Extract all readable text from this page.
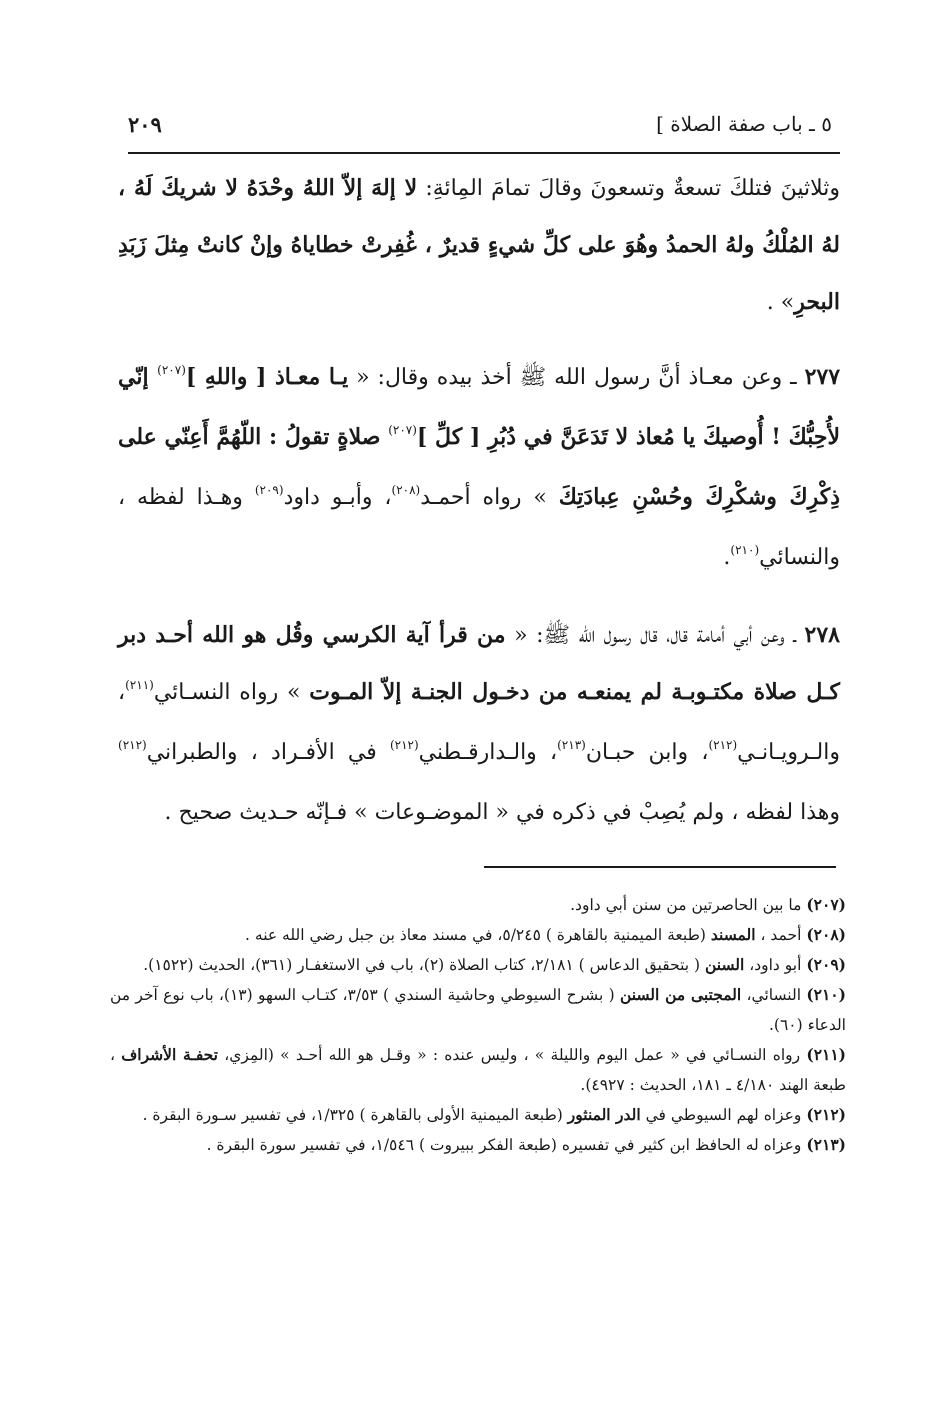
٥ ـ باب صفة الصلاة ]
٢٠٩

وثلاثينَ فتلكَ تسعةٌ وتسعونَ وقالَ تمامَ المِائةِ: لا إلهَ إلاّ اللهُ وحْدَهُ لا شريكَ لَهُ ، لهُ المُلْكُ ولهُ الحمدُ وهُوَ على كلِّ شيءٍ قديرٌ ، غُفِرتْ خطاياهُ وإنْ كانتْ مِثلَ زَبَدِ البحرِ» .

٢٧٧ ـ وعن معـاذ أنَّ رسول الله ﷺ أخذ بيده وقال: « يـا معـاذ [ واللهِ ]$^{(٢٠٧)}$ إنّي لأُحِبُّكَ ! أُوصيكَ يا مُعاذ لا تَدَعَنَّ في دُبُرِ [ كلِّ ]$^{(٢٠٧)}$ صلاةٍ تقولُ : اللّهُمَّ أَعِنّي على ذِكْرِكَ وشكْرِكَ وحُسْنِ عِبادَتِكَ » رواه أحمـد$^{(٢٠٨)}$، وأبـو داود$^{(٢٠٩)}$ وهـذا لفظه ، والنسائي$^{(٢١٠)}$.

٢٧٨ ـ وعن أبي أمامة قال، قال رسول الله ﷺ: « من قرأ آية الكرسي وقُل هو الله أحـد دبر كـل صلاة مكتـوبـة لم يمنعـه من دخـول الجنـة إلاّ المـوت » رواه النسـائي$^{(٢١١)}$، والـرويـانـي$^{(٢١٢)}$، وابن حبـان$^{(٢١٣)}$، والـدارقـطني$^{(٢١٢)}$ في الأفـراد ، والطبراني$^{(٢١٢)}$ وهذا لفظه ، ولم يُصِبْ في ذكره في « الموضـوعات » فـإنّه حـديث صحيح .

(٢٠٧) ما بين الحاصرتين من سنن أبي داود.
(٢٠٨) أحمد ، المسند (طبعة الميمنية بالقاهرة ) ٥/٢٤٥، في مسند معاذ بن جبل رضي الله عنه .
(٢٠٩) أبو داود، السنن ( بتحقيق الدعاس ) ٢/١٨١، كتاب الصلاة (٢)، باب في الاستغفـار (٣٦١)، الحديث (١٥٢٢).
(٢١٠) النسائي، المجتبى من السنن ( بشرح السيوطي وحاشية السندي ) ٣/٥٣، كتـاب السهو (١٣)، باب نوع آخر من الدعاء (٦٠).
(٢١١) رواه النسـائي في « عمل اليوم والليلة » ، وليس عنده : « وقـل هو الله أحـد » (المِزي، تحفـة الأشراف ، طبعة الهند ٤/١٨٠ ـ ١٨١، الحديث : ٤٩٢٧).
(٢١٢) وعزاه لهم السيوطي في الدر المنثور (طبعة الميمنية الأولى بالقاهرة ) ١/٣٢٥، في تفسير سـورة البقرة .
(٢١٣) وعزاه له الحافظ ابن كثير في تفسيره (طبعة الفكر ببيروت ) ١/٥٤٦، في تفسير سورة البقرة .
